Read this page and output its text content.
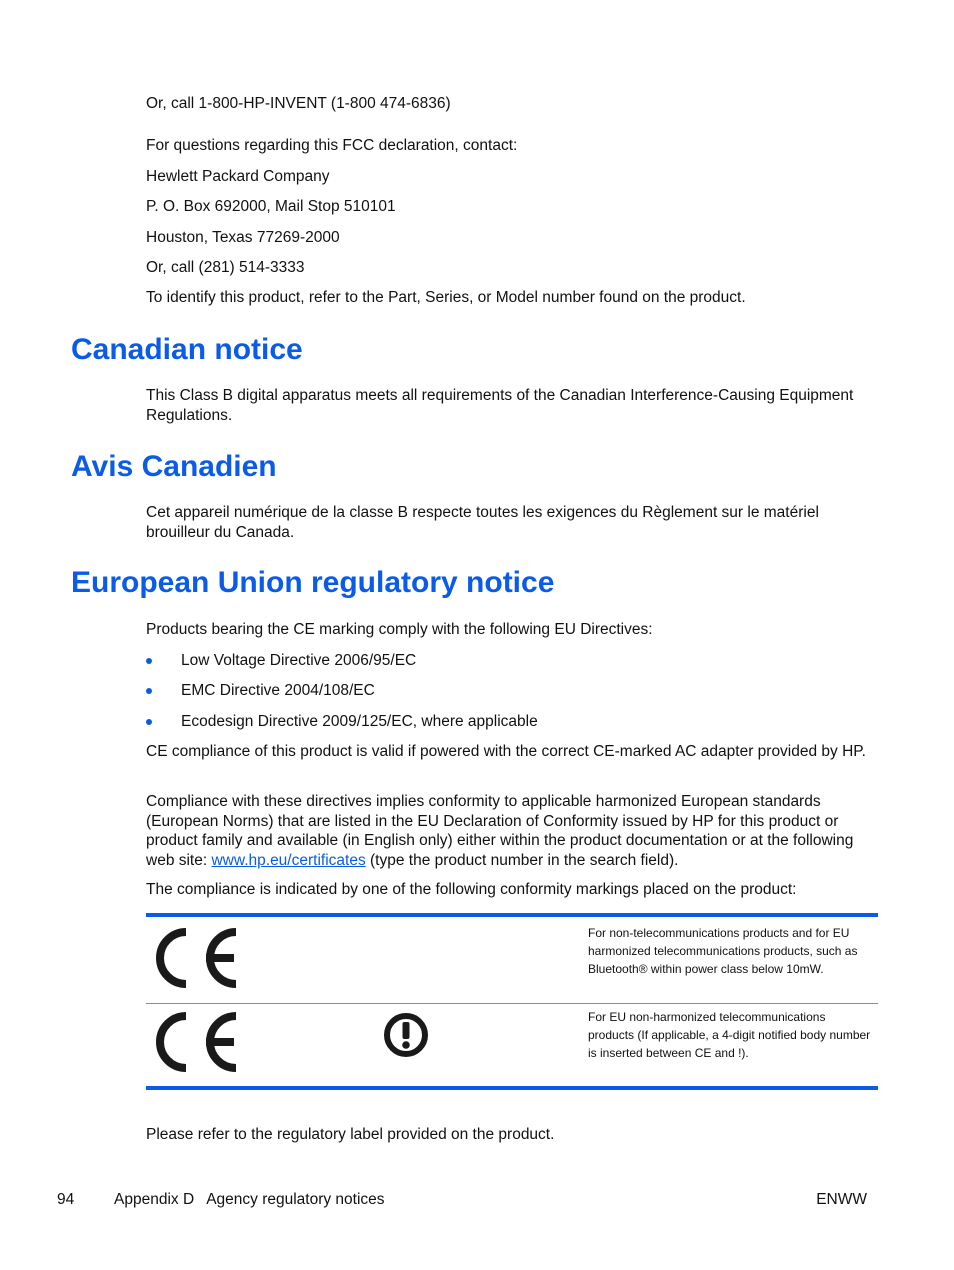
Or, call 1-800-HP-INVENT (1-800 474-6836)

For questions regarding this FCC declaration, contact:

Hewlett Packard Company

P. O. Box 692000, Mail Stop 510101

Houston, Texas 77269-2000

Or, call (281) 514-3333

To identify this product, refer to the Part, Series, or Model number found on the product.

Canadian notice

This Class B digital apparatus meets all requirements of the Canadian Interference-Causing Equipment Regulations.

Avis Canadien

Cet appareil numérique de la classe B respecte toutes les exigences du Règlement sur le matériel brouilleur du Canada.

European Union regulatory notice

Products bearing the CE marking comply with the following EU Directives:

Low Voltage Directive 2006/95/EC
EMC Directive 2004/108/EC
Ecodesign Directive 2009/125/EC, where applicable

CE compliance of this product is valid if powered with the correct CE-marked AC adapter provided by HP.

Compliance with these directives implies conformity to applicable harmonized European standards (European Norms) that are listed in the EU Declaration of Conformity issued by HP for this product or product family and available (in English only) either within the product documentation or at the following web site: www.hp.eu/certificates (type the product number in the search field).

The compliance is indicated by one of the following conformity markings placed on the product:

For non-telecommunications products and for EU harmonized telecommunications products, such as Bluetooth® within power class below 10mW.

For EU non-harmonized telecommunications products (If applicable, a 4-digit notified body number is inserted between CE and !).

Please refer to the regulatory label provided on the product.

94	Appendix D   Agency regulatory notices	ENWW
